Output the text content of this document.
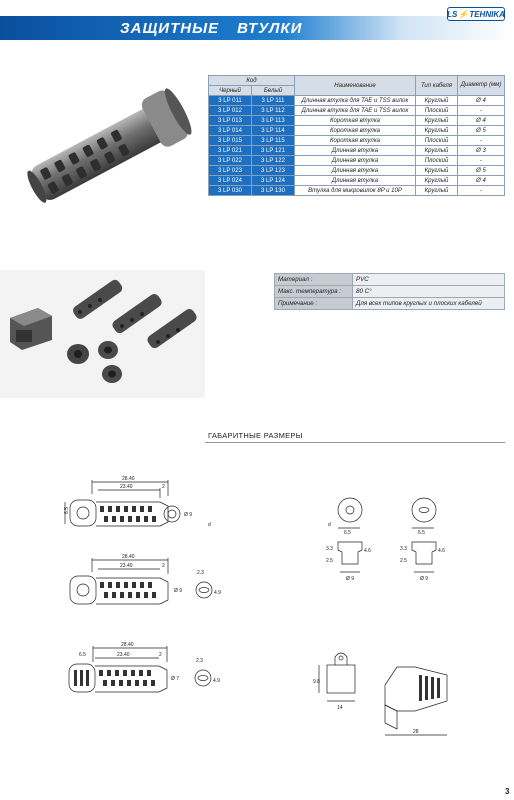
ЗАЩИТНЫЕ ВТУЛКИ
LS ⚡ TEHNIKA
Код		Наименование	Тип кабеля	Диаметр (мм)
Черный	Белый			
3 LP 011	3 LP 111	Длинная втулка для TAE и TSS вилок	Круглый	Ø 4
3 LP 012	3 LP 112	Длинная втулка для TAE и TSS вилок	Плоский	-
3 LP 013	3 LP 113	Короткая втулка	Круглый	Ø 4
3 LP 014	3 LP 114	Короткая втулка	Круглый	Ø 5
3 LP 015	3 LP 115	Короткая втулка	Плоский	-
3 LP 021	3 LP 121	Длинная втулка	Круглый	Ø 3
3 LP 022	3 LP 122	Длинная втулка	Плоский	-
3 LP 023	3 LP 123	Длинная втулка	Круглый	Ø 5
3 LP 024	3 LP 124	Длинная втулка	Круглый	Ø 4
3 LP 030	3 LP 130	Втулка для микровилок 8P и 10P	Круглый	-
Материал :	PVC
Макс. температура :	80 C°
Примечание :	Для всех типов круглых и плоских кабелей
ГАБАРИТНЫЕ РАЗМЕРЫ
28.40
23.40	2
6.5
Ø 9
d
28.40
23.40	2
Ø 9
2.3
4.9
28.40
23.40	2
6.5
Ø 7
2.3
4.9
d
6.5	6.5
3.3
2.5
4.6	3.3
2.5
4.6
Ø 9	Ø 9
9.8
14
28
3
